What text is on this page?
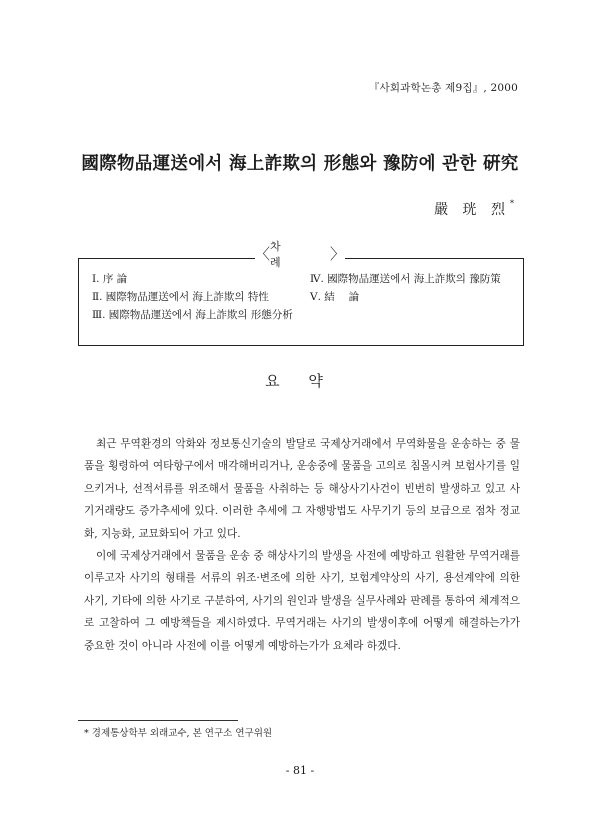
『사회과학논총 제9집』, 2000
國際物品運送에서 海上詐欺의 形態와 豫防에 관한 硏究
嚴 珖 烈*
〈 차 례	〉
Ⅰ. 序 論
Ⅱ. 國際物品運送에서 海上詐欺의 特性
Ⅲ. 國際物品運送에서 海上詐欺의 形態分析
Ⅳ. 國際物品運送에서 海上詐欺의 豫防策
Ⅴ. 結　 論
요 약

최근 무역환경의 악화와 정보통신기술의 발달로 국제상거래에서 무역화물을 운송하는 중 물품을 횡령하여 여타항구에서 매각해버리거나, 운송중에 물품을 고의로 침몰시켜 보험사기를 일으키거나, 선적서류를 위조해서 물품을 사취하는 등 해상사기사건이 빈번히 발생하고 있고 사기거래량도 증가추세에 있다. 이러한 추세에 그 자행방법도 사무기기 등의 보급으로 점차 정교화, 지능화, 교묘화되어 가고 있다.

이에 국제상거래에서 물품을 운송 중 해상사기의 발생을 사전에 예방하고 원활한 무역거래를 이루고자 사기의 형태를 서류의 위조·변조에 의한 사기, 보험계약상의 사기, 용선계약에 의한 사기, 기타에 의한 사기로 구분하여, 사기의 원인과 발생을 실무사례와 판례를 통하여 체계적으로 고찰하여 그 예방책들을 제시하였다. 무역거래는 사기의 발생이후에 어떻게 해결하는가가 중요한 것이 아니라 사전에 이를 어떻게 예방하는가가 요체라 하겠다.

* 경제통상학부 외래교수, 본 연구소 연구위원
- 81 -
